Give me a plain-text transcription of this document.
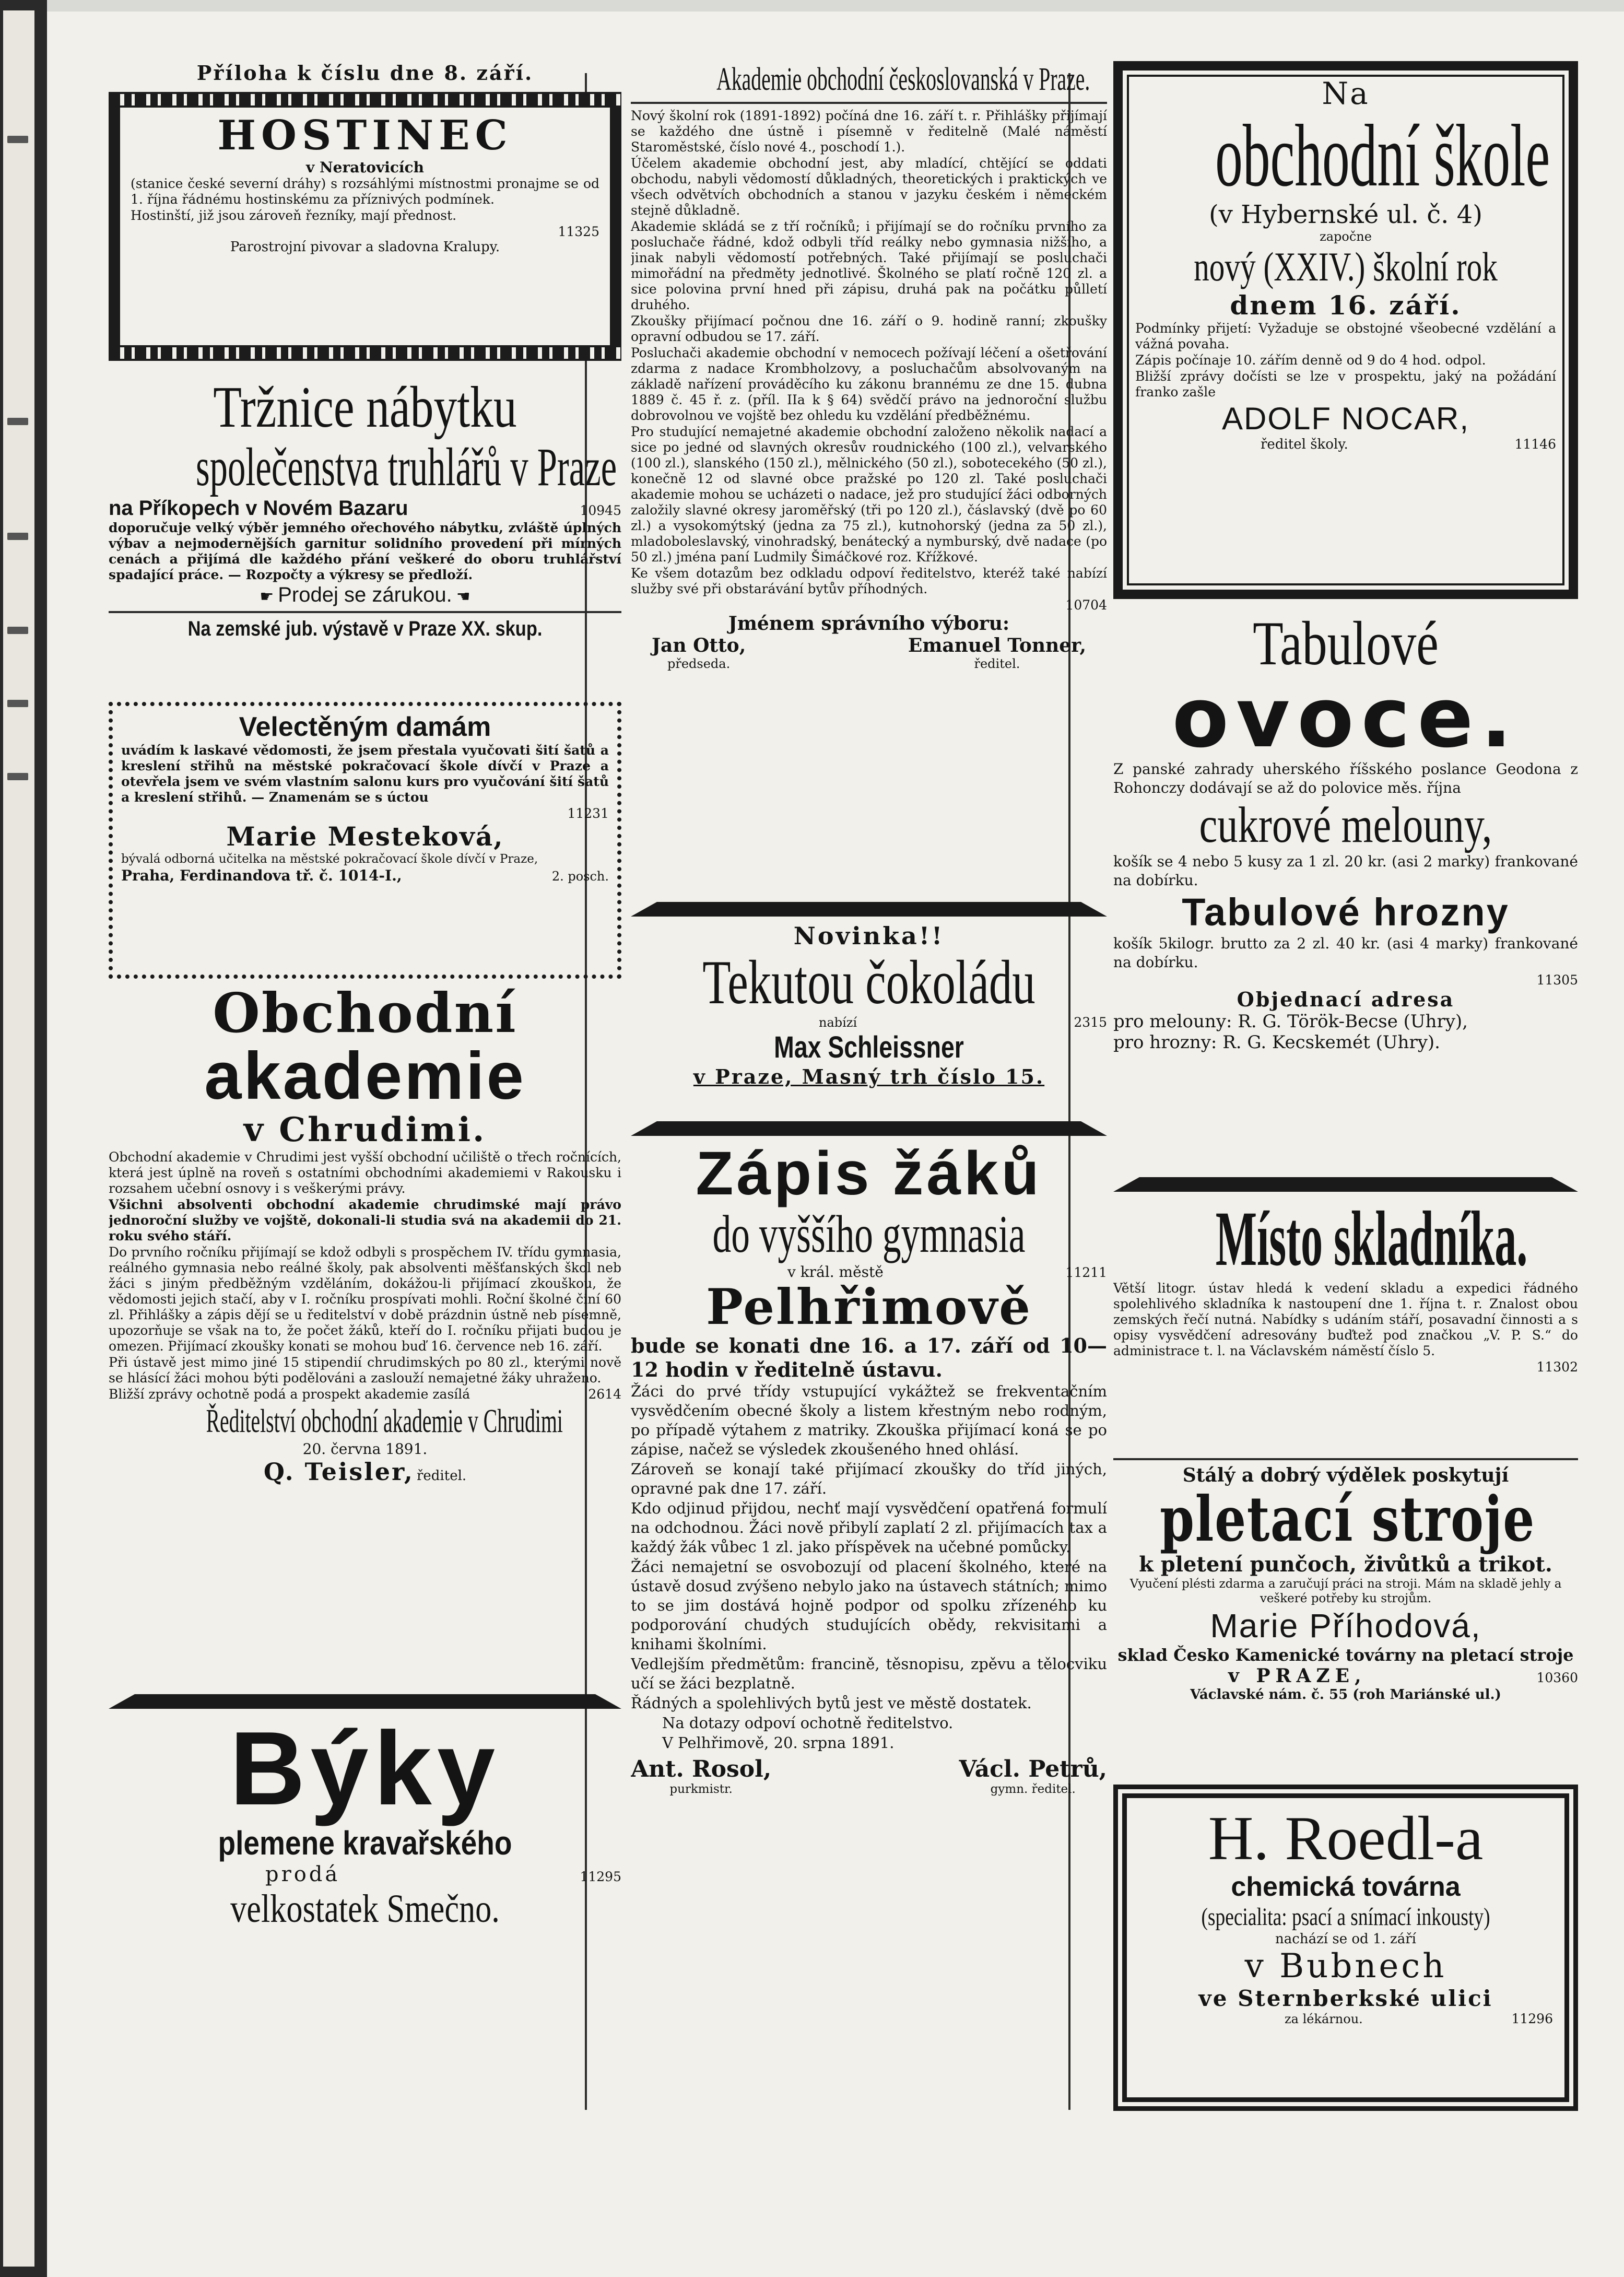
Příloha k číslu dne 8. září.
HOSTINEC
v Neratovicích

(stanice české severní dráhy) s rozsáhlými místnostmi pronajme se od 1. října řádnému hostinskému za příznivých podmínek.

Hostinští, již jsou zároveň řezníky, mají přednost.

11325
Parostrojní pivovar a sladovna Kralupy.
Tržnice nábytku
společenstva truhlářů v Praze
na Příkopech v Novém Bazaru	10945

doporučuje velký výběr jemného ořechového nábytku, zvláště úplných výbav a nejmodernějších garnitur solidního provedení při mírných cenách a přijímá dle každého přání veškeré do oboru truhlářství spadající práce. — Rozpočty a výkresy se předloží.

☛ Prodej se zárukou. ☚
Na zemské jub. výstavě v Praze XX. skup.
Velectěným damám

uvádím k laskavé vědomosti, že jsem přestala vyučovati šití šatů a kreslení střihů na městské pokračovací škole dívčí v Praze a otevřela jsem ve svém vlastním salonu kurs pro vyučování šití šatů a kreslení střihů. — Znamenám se s úctou

11231
Marie Mesteková,

bývalá odborná učitelka na městské pokračovací škole dívčí v Praze,

Praha, Ferdinandova tř. č. 1014-I.,	2. posch.
Obchodní
akademie
v Chrudimi.

Obchodní akademie v Chrudimi jest vyšší obchodní učiliště o třech ročnících, která jest úplně na roveň s ostatními obchodními akademiemi v Rakousku i rozsahem učební osnovy i s veškerými právy.

Všichni absolventi obchodní akademie chrudimské mají právo jednoroční služby ve vojště, dokonali-li studia svá na akademii do 21. roku svého stáří.

Do prvního ročníku přijímají se kdož odbyli s prospěchem IV. třídu gymnasia, reálného gymnasia nebo reálné školy, pak absolventi měšťanských škol neb žáci s jiným předběžným vzděláním, dokážou-li přijímací zkouškou, že vědomosti jejich stačí, aby v I. ročníku prospívati mohli. Roční školné činí 60 zl. Přihlášky a zápis dějí se u ředitelství v době prázdnin ústně neb písemně, upozorňuje se však na to, že počet žáků, kteří do I. ročníku přijati budou je omezen. Přijímací zkoušky konati se mohou buď 16. července neb 16. září.

Při ústavě jest mimo jiné 15 stipendií chrudimských po 80 zl., kterými nově se hlásící žáci mohou býti podělováni a zaslouží nemajetné žáky uhraženo.

Bližší zprávy ochotně podá a prospekt akademie zasílá	2614
Ředitelství obchodní akademie v Chrudimi
20. června 1891.
Q. Teisler, ředitel.
Býky
plemene kravařského
prodá	11295
velkostatek Smečno.
Akademie obchodní českoslovanská v Praze.

Nový školní rok (1891-1892) počíná dne 16. září t. r. Přihlášky přijímají se každého dne ústně i písemně v ředitelně (Malé náměstí Staroměstské, číslo nové 4., poschodí 1.).

Účelem akademie obchodní jest, aby mladící, chtějící se oddati obchodu, nabyli vědomostí důkladných, theoretických i praktických ve všech odvětvích obchodních a stanou v jazyku českém i německém stejně důkladně.

Akademie skládá se z tří ročníků; i přijímají se do ročníku prvního za posluchače řádné, kdož odbyli tříd reálky nebo gymnasia nižšího, a jinak nabyli vědomostí potřebných. Také přijímají se posluchači mimořádní na předměty jednotlivé. Školného se platí ročně 120 zl. a sice polovina první hned při zápisu, druhá pak na počátku půlletí druhého.

Zkoušky přijímací počnou dne 16. září o 9. hodině ranní; zkoušky opravní odbudou se 17. září.

Posluchači akademie obchodní v nemocech požívají léčení a ošetřování zdarma z nadace Krombholzovy, a posluchačům absolvovaným na základě nařízení prováděcího ku zákonu brannému ze dne 15. dubna 1889 č. 45 ř. z. (příl. IIa k § 64) svědčí právo na jednoroční službu dobrovolnou ve vojště bez ohledu ku vzdělání předběžnému.

Pro studující nemajetné akademie obchodní založeno několik nadací a sice po jedné od slavných okresův roudnického (100 zl.), velvarského (100 zl.), slanského (150 zl.), mělnického (50 zl.), sobotecekého (50 zl.), konečně 12 od slavné obce pražské po 120 zl. Také posluchači akademie mohou se ucházeti o nadace, jež pro studující žáci odborných založily slavné okresy jaroměřský (tři po 120 zl.), čáslavský (dvě po 60 zl.) a vysokomýtský (jedna za 75 zl.), kutnohorský (jedna za 50 zl.), mladoboleslavský, vinohradský, benátecký a nymburský, dvě nadace (po 50 zl.) jména paní Ludmily Šimáčkové roz. Křížkové.

Ke všem dotazům bez odkladu odpoví ředitelstvo, kteréž také nabízí služby své při obstarávání bytův příhodných.

10704
Jménem správního výboru:
Jan Otto,
předseda.
Emanuel Tonner,
ředitel.
Novinka!!
Tekutou čokoládu
nabízí	2315
Max Schleissner
v Praze, Masný trh číslo 15.
Zápis žáků
do vyššího gymnasia
v král. městě	11211
Pelhřimově
bude se konati dne 16. a 17. září od 10—12 hodin v ředitelně ústavu.

Žáci do prvé třídy vstupující vykážtež se frekventačním vysvědčením obecné školy a listem křestným nebo rodným, po případě výtahem z matriky. Zkouška přijímací koná se po zápise, načež se výsledek zkoušeného hned ohlásí.

Zároveň se konají také přijímací zkoušky do tříd jiných, opravné pak dne 17. září.

Kdo odjinud přijdou, nechť mají vysvědčení opatřená formulí na odchodnou. Žáci nově přibylí zaplatí 2 zl. přijímacích tax a každý žák vůbec 1 zl. jako příspěvek na učebné pomůcky.

Žáci nemajetní se osvobozují od placení školného, které na ústavě dosud zvýšeno nebylo jako na ústavech státních; mimo to se jim dostává hojně podpor od spolku zřízeného ku podporování chudých studujících obědy, rekvisitami a knihami školními.

Vedlejším předmětům: francině, těsnopisu, zpěvu a tělocviku učí se žáci bezplatně.

Řádných a spolehlivých bytů jest ve městě dostatek.

Na dotazy odpoví ochotně ředitelstvo.

V Pelhřimově, 20. srpna 1891.

Ant. Rosol,
purkmistr.
Václ. Petrů,
gymn. ředitel.
Na
obchodní škole
(v Hybernské ul. č. 4)
započne
nový (XXIV.) školní rok
dnem 16. září.

Podmínky přijetí: Vyžaduje se obstojné všeobecné vzdělání a vážná povaha.

Zápis počínaje 10. zářím denně od 9 do 4 hod. odpol.

Bližší zprávy dočísti se lze v prospektu, jaký na požádání franko zašle

ADOLF NOCAR,
ředitel školy.	11146
Tabulové
ovoce.

Z panské zahrady uherského říšského poslance Geodona z Rohonczy dodávají se až do polovice měs. října

cukrové melouny,

košík se 4 nebo 5 kusy za 1 zl. 20 kr. (asi 2 marky) frankované na dobírku.

Tabulové hrozny

košík 5kilogr. brutto za 2 zl. 40 kr. (asi 4 marky) frankované na dobírku.

11305
Objednací adresa
pro melouny: R. G. Török-Becse (Uhry),
pro hrozny: R. G. Kecskemét (Uhry).
Místo skladníka.

Větší litogr. ústav hledá k vedení skladu a expedici řádného spolehlivého skladníka k nastoupení dne 1. října t. r. Znalost obou zemských řečí nutná. Nabídky s udáním stáří, posavadní činnosti a s opisy vysvědčení adresovány buďtež pod značkou „V. P. S.“ do administrace t. l. na Václavském náměstí číslo 5.

11302
Stálý a dobrý výdělek poskytují
pletací stroje
k pletení punčoch, živůtků a trikot.

Vyučení plésti zdarma a zaručují práci na stroji. Mám na skladě jehly a veškeré potřeby ku strojům.

Marie Příhodová,
sklad Česko Kamenické továrny na pletací stroje
v PRAZE,	10360
Václavské nám. č. 55 (roh Mariánské ul.)
H. Roedl-a
chemická továrna
(specialita: psací a snímací inkousty)
nachází se od 1. září
v Bubnech
ve Sternberkské ulici
za lékárnou.	11296
